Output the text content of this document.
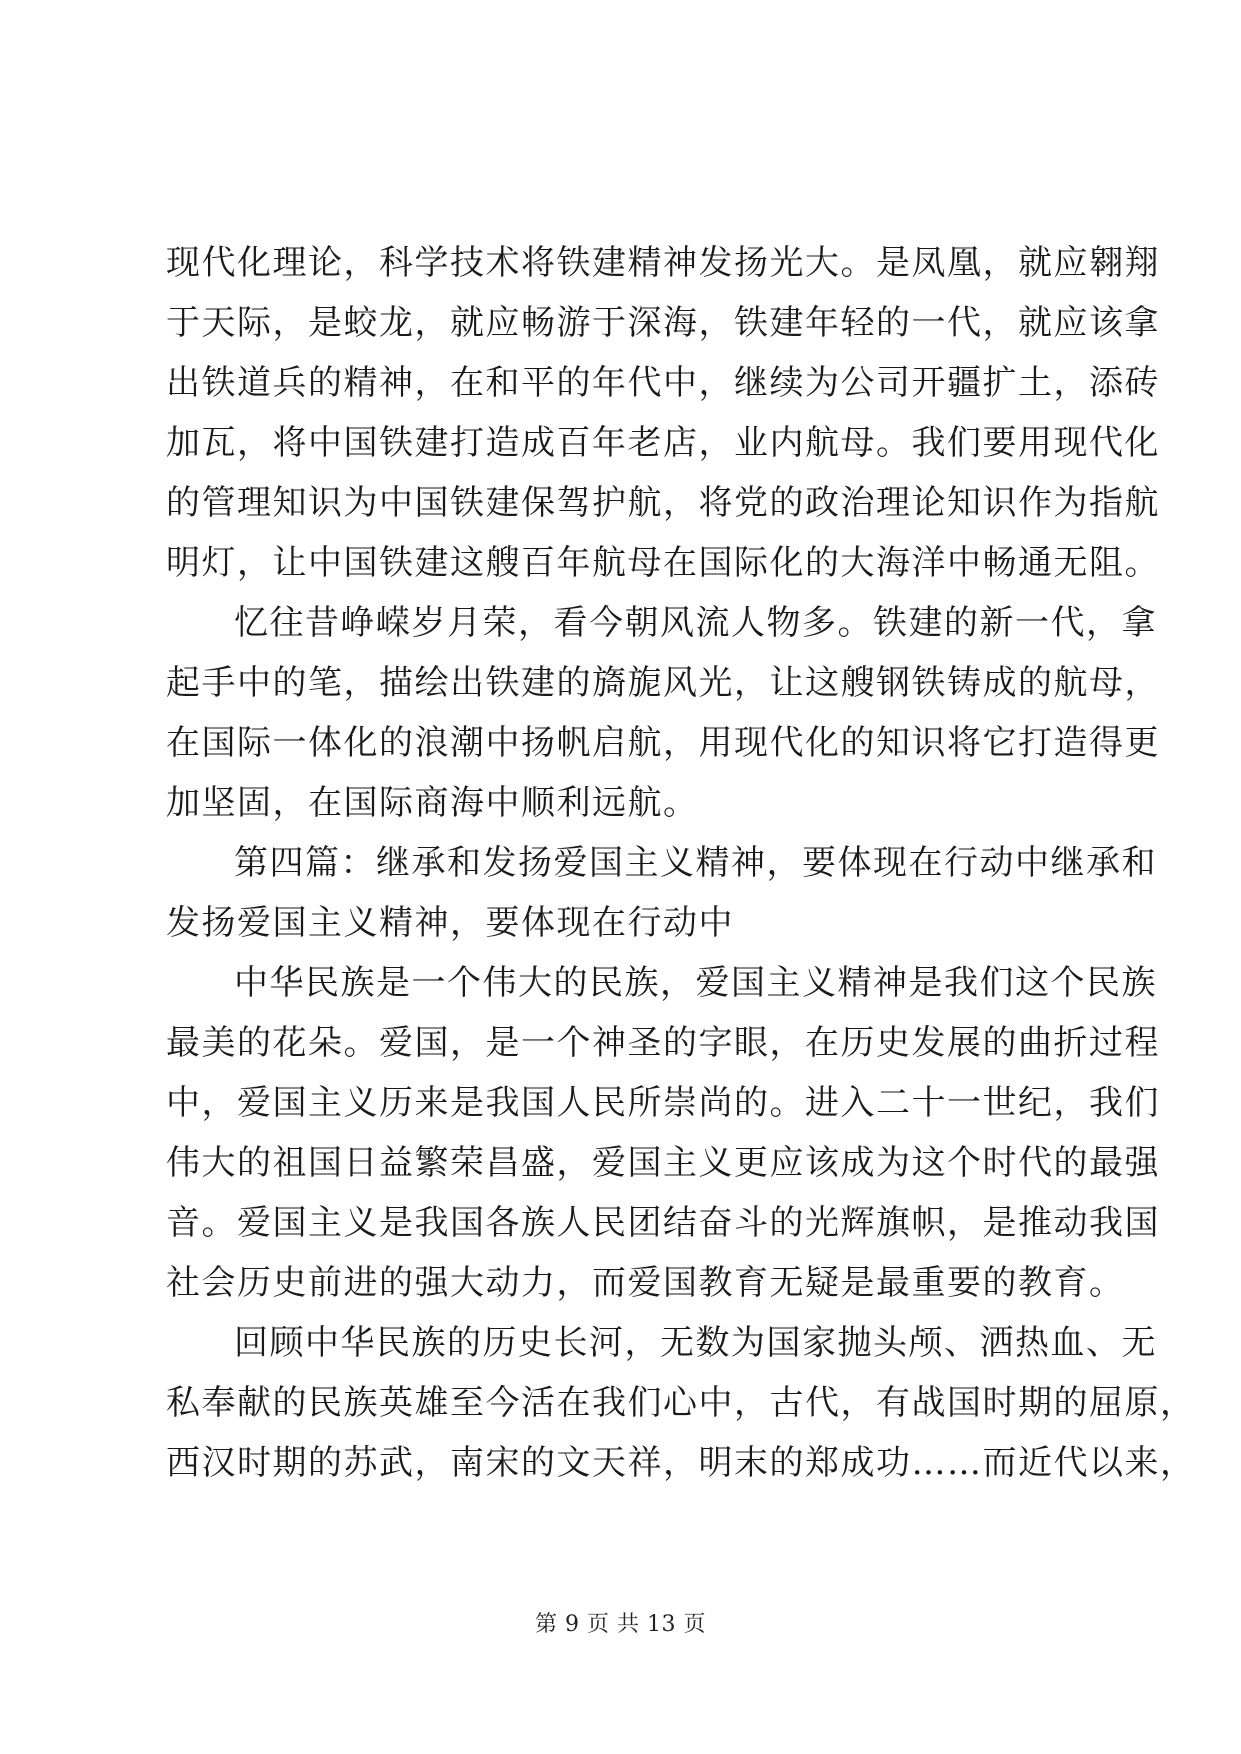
现代化理论，科学技术将铁建精神发扬光大。是凤凰，就应翱翔
于天际，是蛟龙，就应畅游于深海，铁建年轻的一代，就应该拿
出铁道兵的精神，在和平的年代中，继续为公司开疆扩土，添砖
加瓦，将中国铁建打造成百年老店，业内航母。我们要用现代化
的管理知识为中国铁建保驾护航，将党的政治理论知识作为指航
明灯，让中国铁建这艘百年航母在国际化的大海洋中畅通无阻。
忆往昔峥嵘岁月荣，看今朝风流人物多。铁建的新一代，拿
起手中的笔，描绘出铁建的旖旎风光，让这艘钢铁铸成的航母，
在国际一体化的浪潮中扬帆启航，用现代化的知识将它打造得更
加坚固，在国际商海中顺利远航。
第四篇：继承和发扬爱国主义精神，要体现在行动中继承和
发扬爱国主义精神，要体现在行动中
中华民族是一个伟大的民族，爱国主义精神是我们这个民族
最美的花朵。爱国，是一个神圣的字眼，在历史发展的曲折过程
中，爱国主义历来是我国人民所崇尚的。进入二十一世纪，我们
伟大的祖国日益繁荣昌盛，爱国主义更应该成为这个时代的最强
音。爱国主义是我国各族人民团结奋斗的光辉旗帜，是推动我国
社会历史前进的强大动力，而爱国教育无疑是最重要的教育。
回顾中华民族的历史长河，无数为国家抛头颅、洒热血、无
私奉献的民族英雄至今活在我们心中，古代，有战国时期的屈原，
西汉时期的苏武，南宋的文天祥，明末的郑成功……而近代以来，
第 9 页 共 13 页
